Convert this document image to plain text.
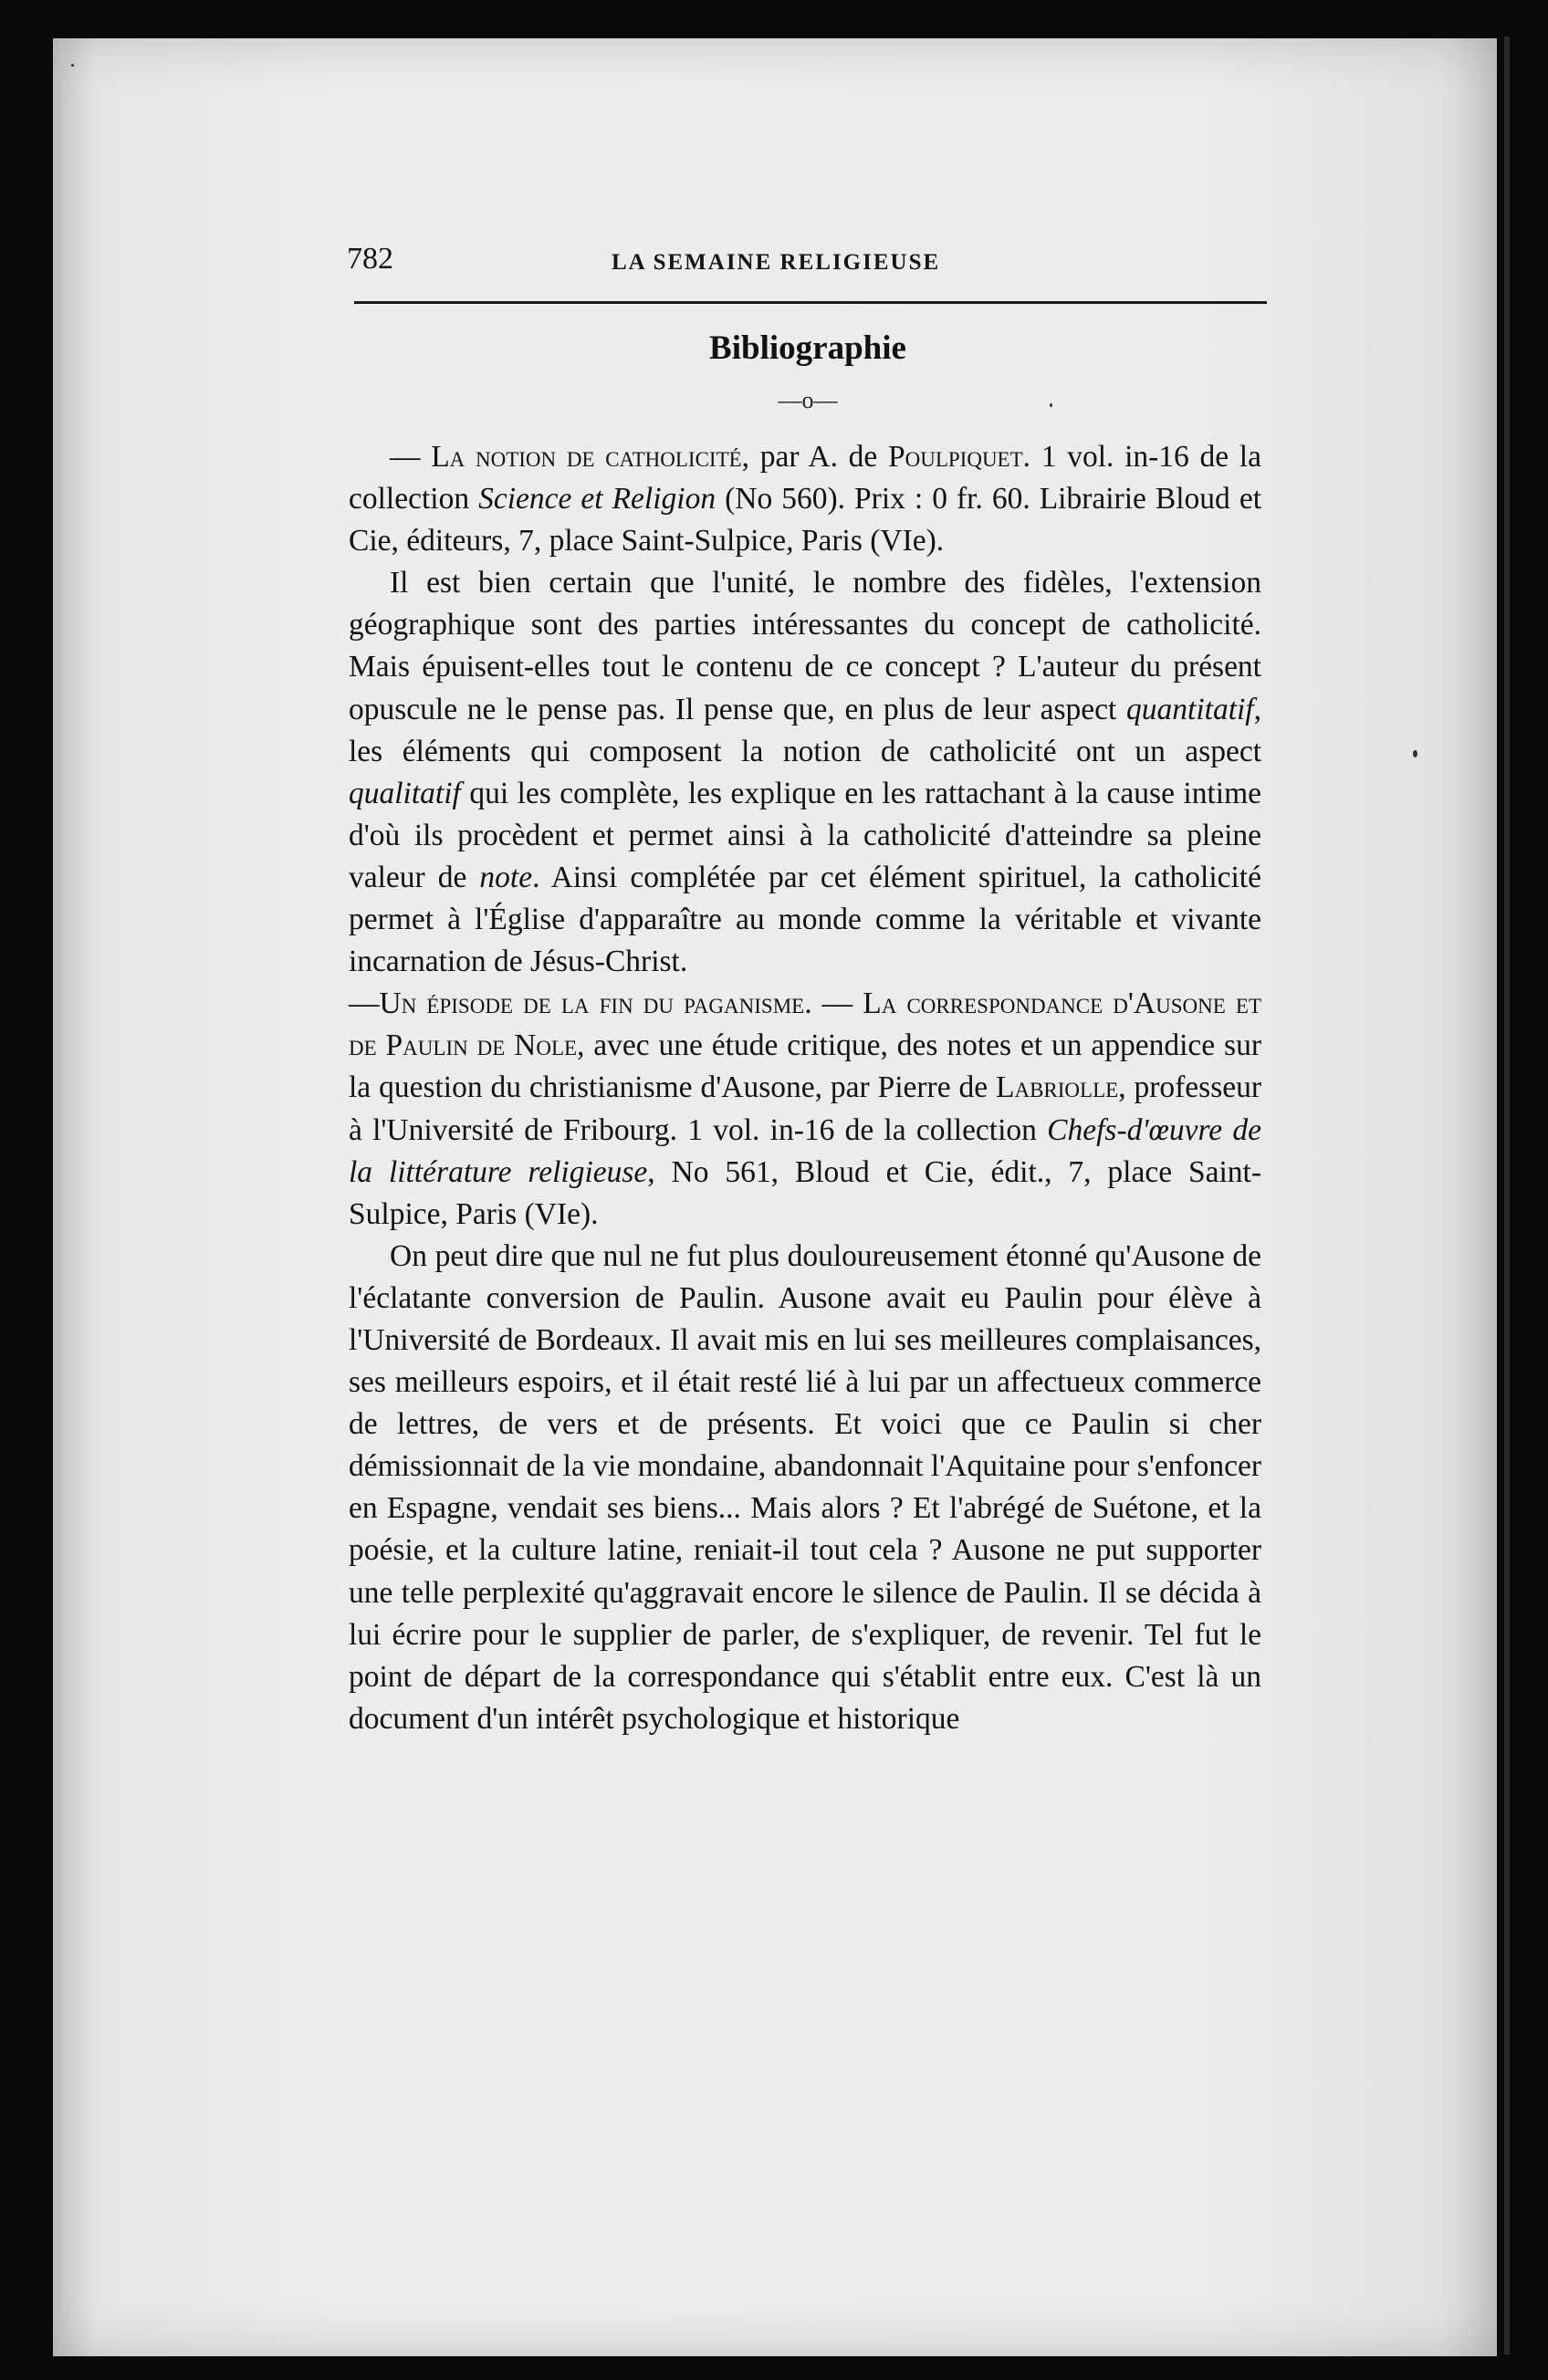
782	LA SEMAINE RELIGIEUSE
Bibliographie
—o—

— La notion de catholicité, par A. de Poulpiquet. 1 vol. in-16 de la collection Science et Religion (No 560). Prix : 0 fr. 60. Librairie Bloud et Cie, éditeurs, 7, place Saint-Sulpice, Paris (VIe).

Il est bien certain que l'unité, le nombre des fidèles, l'extension géographique sont des parties intéressantes du concept de catholicité. Mais épuisent-elles tout le contenu de ce concept ? L'auteur du présent opuscule ne le pense pas. Il pense que, en plus de leur aspect quantitatif, les éléments qui composent la notion de catholicité ont un aspect qualitatif qui les complète, les explique en les rattachant à la cause intime d'où ils procèdent et permet ainsi à la catholicité d'atteindre sa pleine valeur de note. Ainsi complétée par cet élément spirituel, la catholicité permet à l'Église d'apparaître au monde comme la véritable et vivante incarnation de Jésus-Christ.

—Un épisode de la fin du paganisme. — La correspondance d'Ausone et de Paulin de Nole, avec une étude critique, des notes et un appendice sur la question du christianisme d'Ausone, par Pierre de Labriolle, professeur à l'Université de Fribourg. 1 vol. in-16 de la collection Chefs-d'œuvre de la littérature religieuse, No 561, Bloud et Cie, édit., 7, place Saint-Sulpice, Paris (VIe).

On peut dire que nul ne fut plus douloureusement étonné qu'Ausone de l'éclatante conversion de Paulin. Ausone avait eu Paulin pour élève à l'Université de Bordeaux. Il avait mis en lui ses meilleures complaisances, ses meilleurs espoirs, et il était resté lié à lui par un affectueux commerce de lettres, de vers et de présents. Et voici que ce Paulin si cher démissionnait de la vie mondaine, abandonnait l'Aquitaine pour s'enfoncer en Espagne, vendait ses biens... Mais alors ? Et l'abrégé de Suétone, et la poésie, et la culture latine, reniait-il tout cela ? Ausone ne put supporter une telle perplexité qu'aggravait encore le silence de Paulin. Il se décida à lui écrire pour le supplier de parler, de s'expliquer, de revenir. Tel fut le point de départ de la correspondance qui s'établit entre eux. C'est là un document d'un intérêt psychologique et historique
